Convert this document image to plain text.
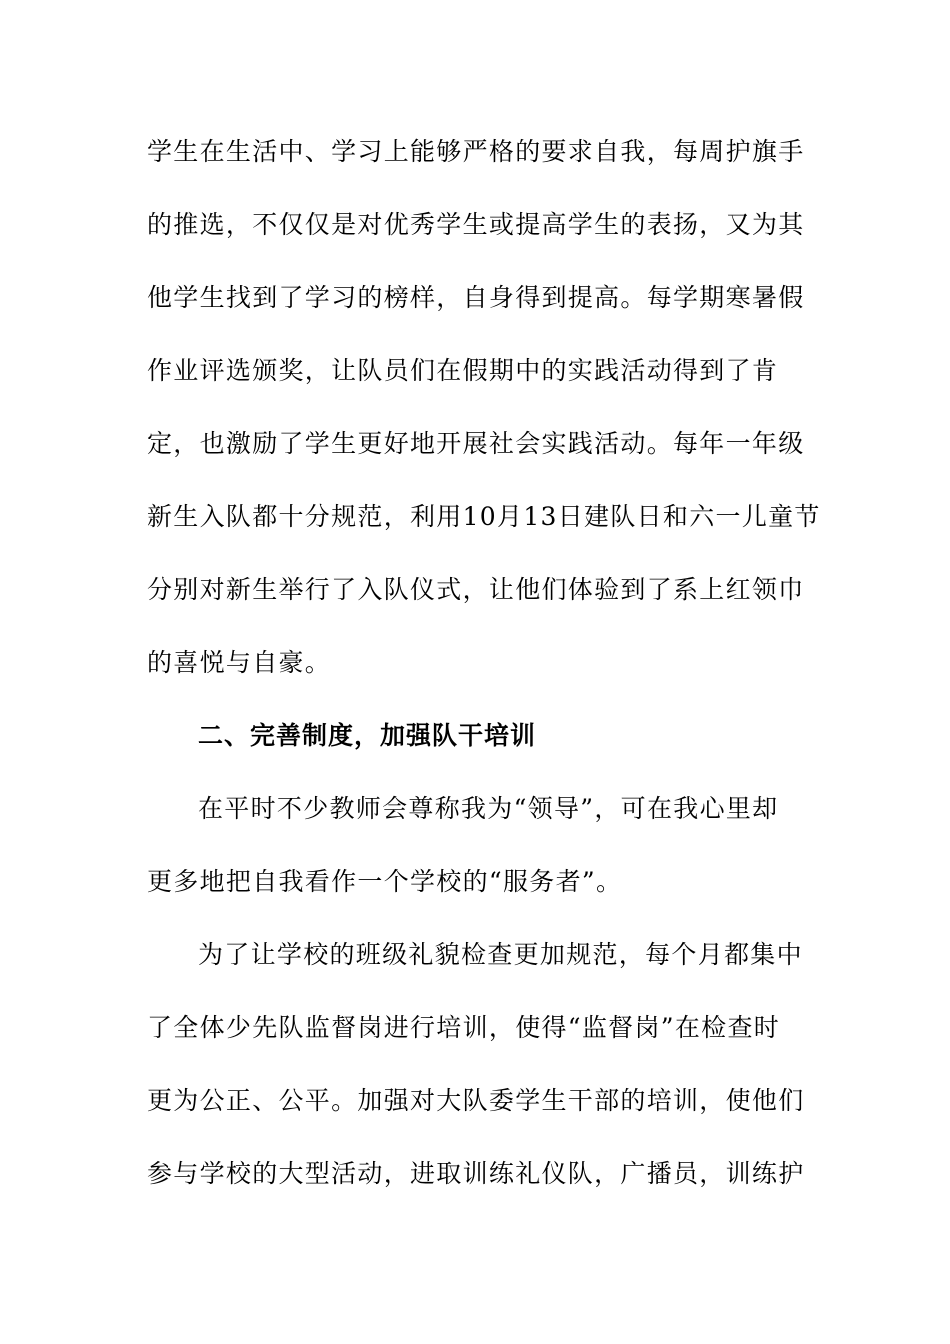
学生在生活中、学习上能够严格的要求自我，每周护旗手
的推选，不仅仅是对优秀学生或提高学生的表扬，又为其
他学生找到了学习的榜样，自身得到提高。每学期寒暑假
作业评选颁奖，让队员们在假期中的实践活动得到了肯
定，也激励了学生更好地开展社会实践活动。每年一年级
新生入队都十分规范，利用10月13日建队日和六一儿童节
分别对新生举行了入队仪式，让他们体验到了系上红领巾
的喜悦与自豪。
二、完善制度，加强队干培训
在平时不少教师会尊称我为“领导”，可在我心里却
更多地把自我看作一个学校的“服务者”。
为了让学校的班级礼貌检查更加规范，每个月都集中
了全体少先队监督岗进行培训，使得“监督岗”在检查时
更为公正、公平。加强对大队委学生干部的培训，使他们
参与学校的大型活动，进取训练礼仪队，广播员，训练护
